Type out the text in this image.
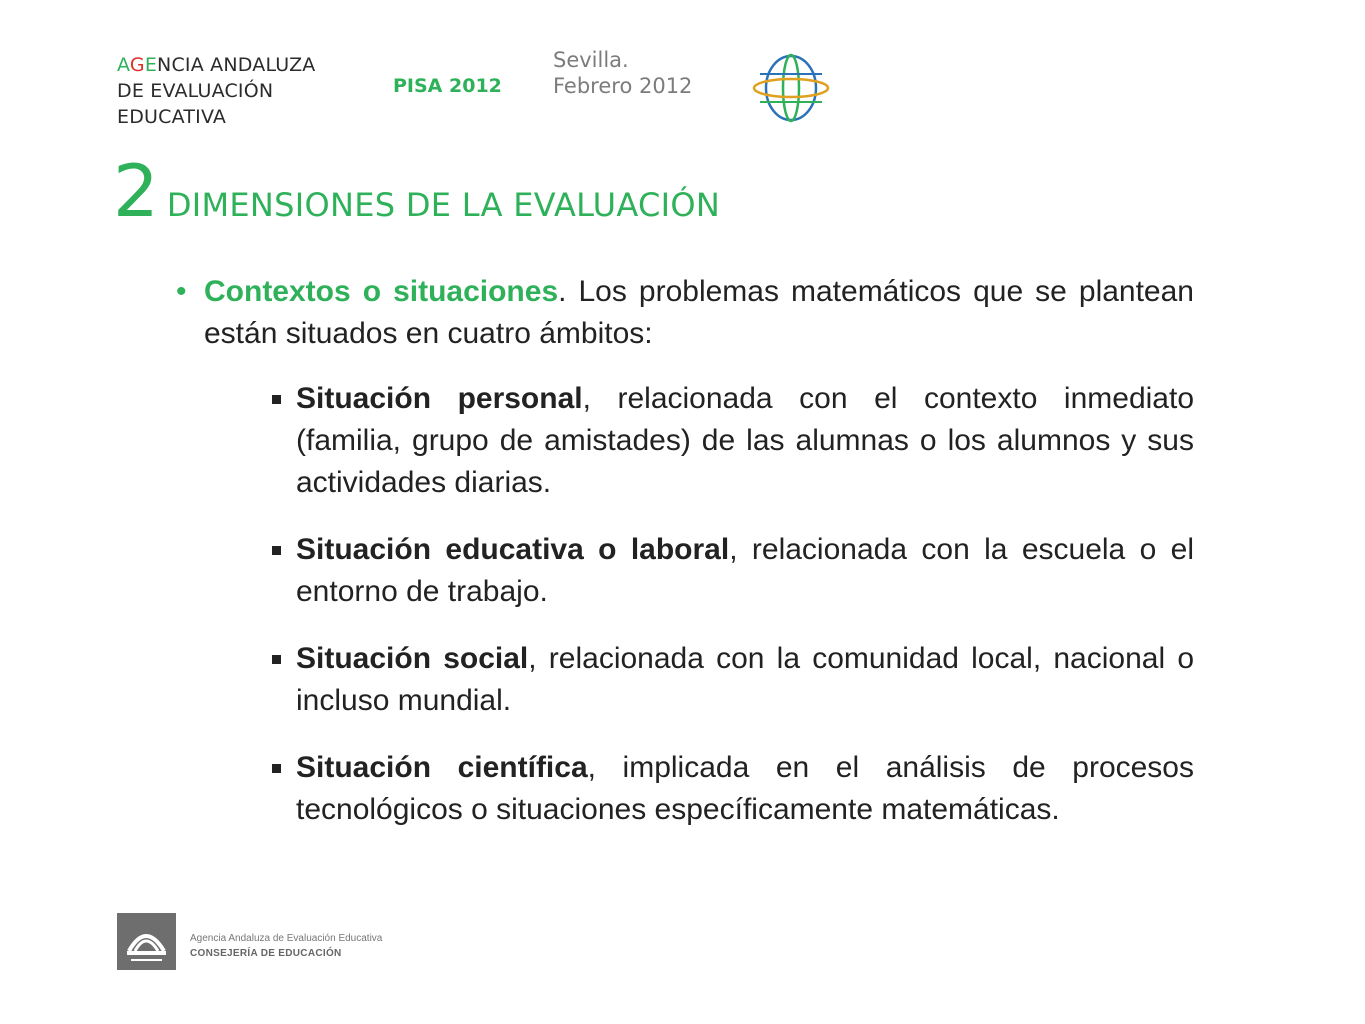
AGENCIA ANDALUZA
DE EVALUACIÓN
EDUCATIVA
PISA 2012
Sevilla.
Febrero 2012
2 DIMENSIONES DE LA EVALUACIÓN

• Contextos o situaciones. Los problemas matemáticos que se plantean están situados en cuatro ámbitos:

Situación personal, relacionada con el contexto inmediato (familia, grupo de amistades) de las alumnas o los alumnos y sus actividades diarias.
Situación educativa o laboral, relacionada con la escuela o el entorno de trabajo.
Situación social, relacionada con la comunidad local, nacional o incluso mundial.
Situación científica, implicada en el análisis de procesos tecnológicos o situaciones específicamente matemáticas.
Agencia Andaluza de Evaluación Educativa
CONSEJERÍA DE EDUCACIÓN
